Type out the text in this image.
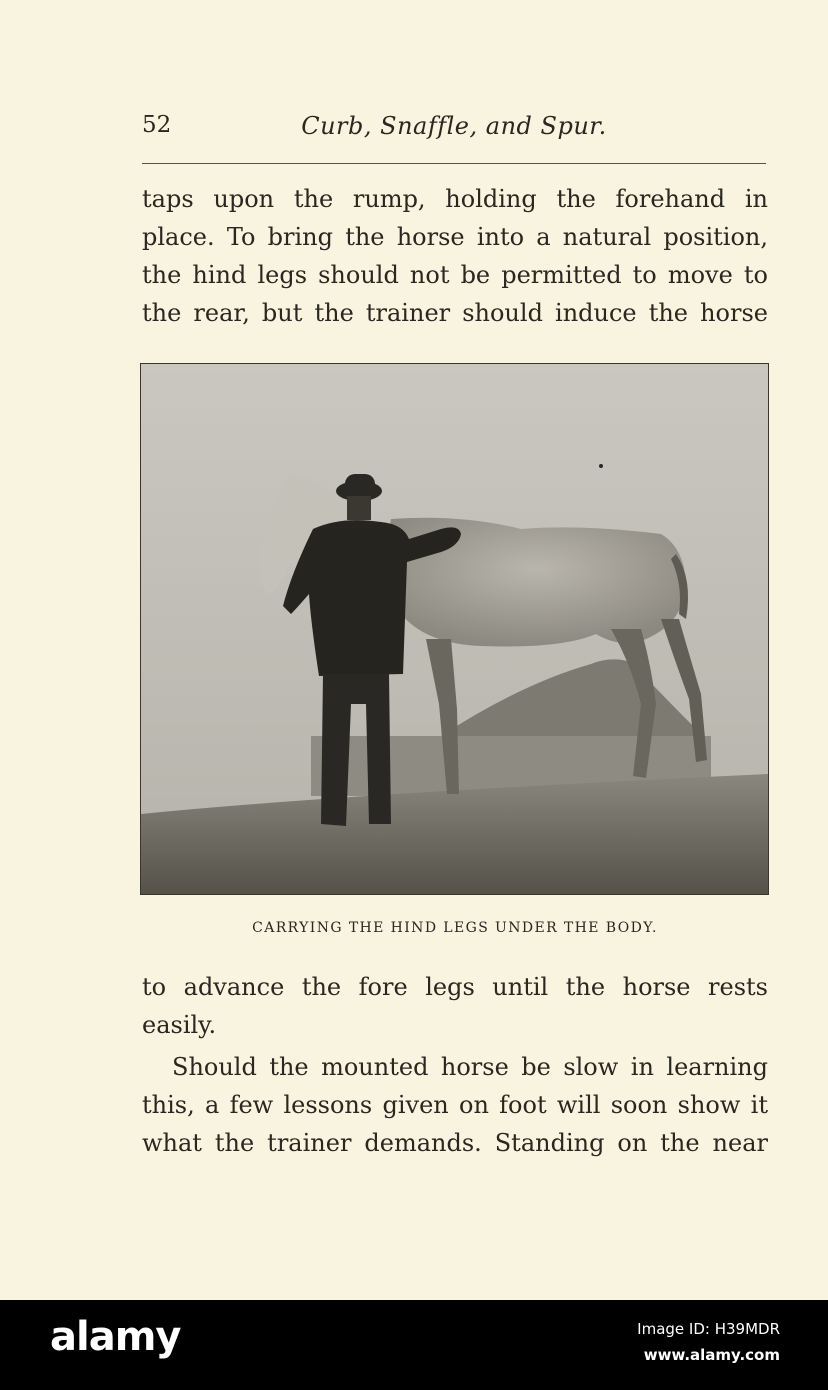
52	Curb, Snaffle, and Spur.

taps upon the rump, holding the forehand in
place. To bring the horse into a natural position,
the hind legs should not be permitted to move to
the rear, but the trainer should induce the horse

CARRYING THE HIND LEGS UNDER THE BODY.

to advance the fore legs until the horse rests
easily.

Should the mounted horse be slow in learning
this, a few lessons given on foot will soon show it
what the trainer demands. Standing on the near

alamy	Image ID: H39MDR
www.alamy.com
